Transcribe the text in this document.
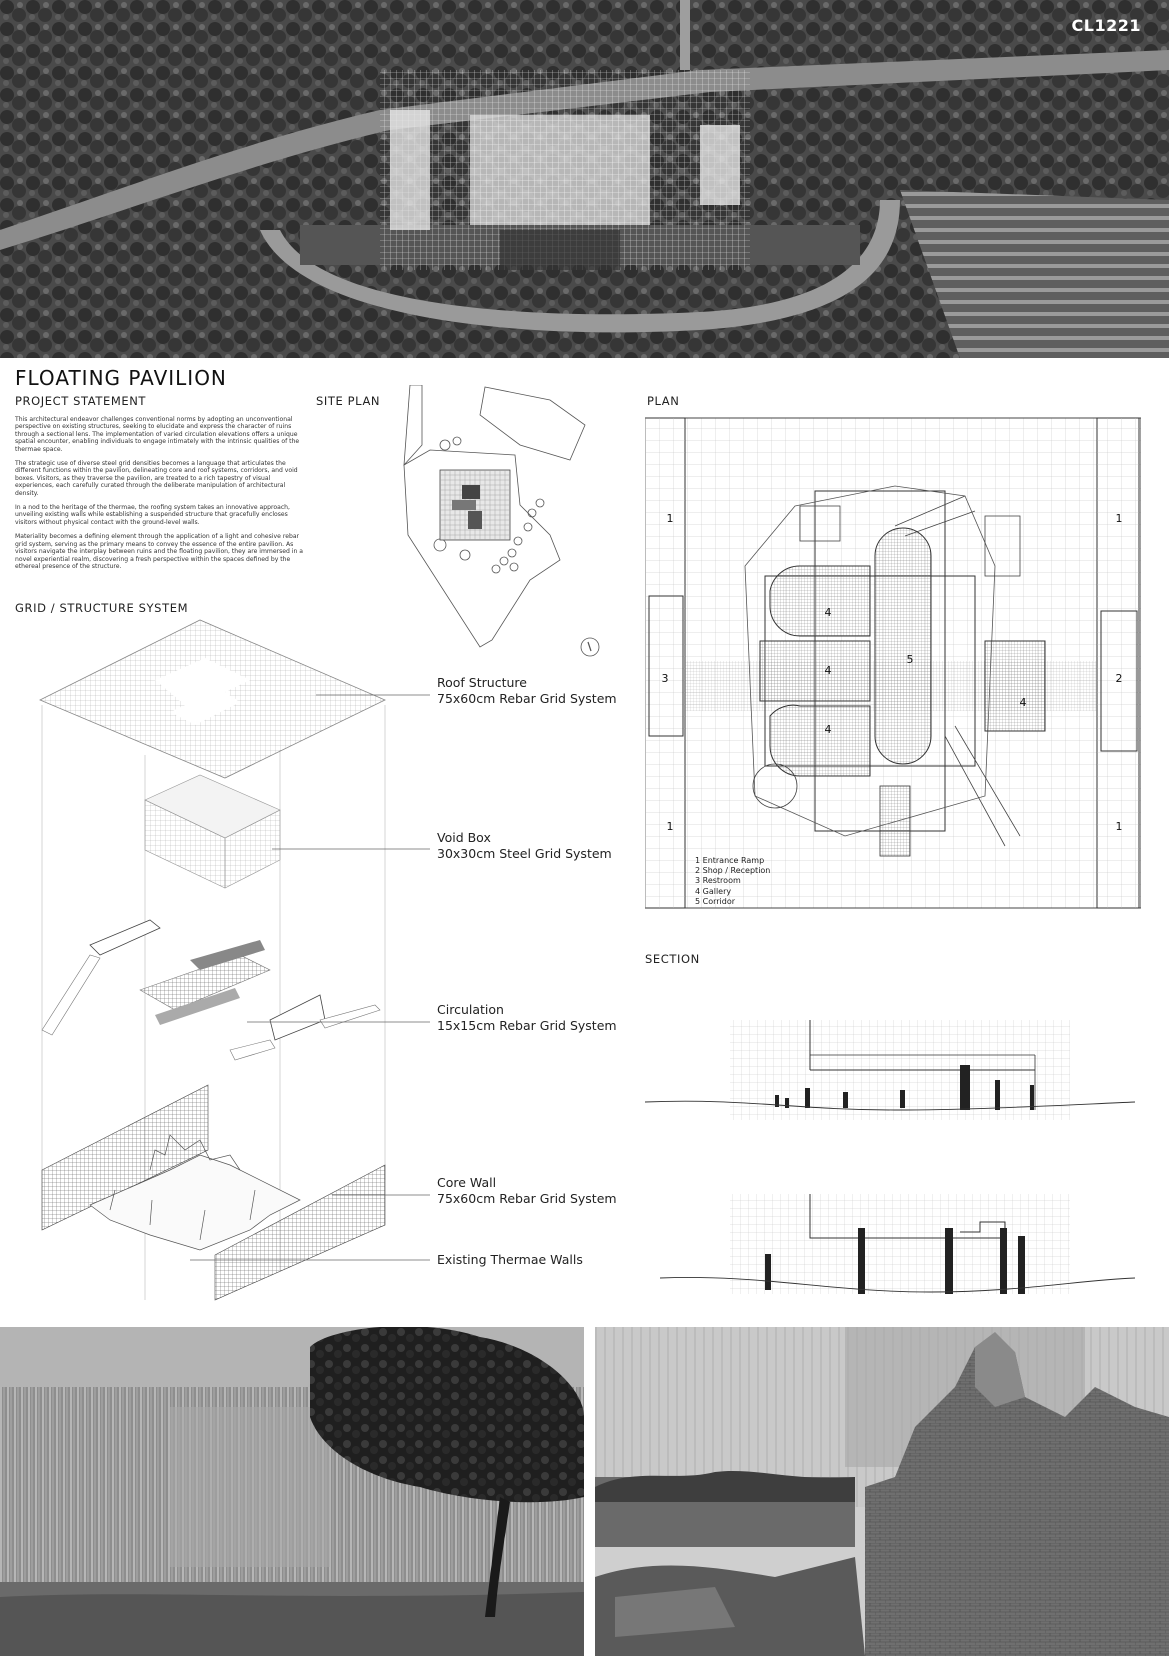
CL1221
FLOATING PAVILION
PROJECT STATEMENT	SITE PLAN	PLAN
GRID / STRUCTURE SYSTEM
SECTION

This architectural endeavor challenges conventional norms by adopting an unconventional perspective on existing structures, seeking to elucidate and express the character of ruins through a sectional lens. The implementation of varied circulation elevations offers a unique spatial encounter, enabling individuals to engage intimately with the intrinsic qualities of the thermae space.

The strategic use of diverse steel grid densities becomes a language that articulates the different functions within the pavilion, delineating core and roof systems, corridors, and void boxes. Visitors, as they traverse the pavilion, are treated to a rich tapestry of visual experiences, each carefully curated through the deliberate manipulation of architectural density.

In a nod to the heritage of the thermae, the roofing system takes an innovative approach, unveiling existing walls while establishing a suspended structure that gracefully encloses visitors without physical contact with the ground-level walls.

Materiality becomes a defining element through the application of a light and cohesive rebar grid system, serving as the primary means to convey the essence of the entire pavilion. As visitors navigate the interplay between ruins and the floating pavilion, they are immersed in a novel experiential realm, discovering a fresh perspective within the spaces defined by the ethereal presence of the structure.

1	1
1	1
2
3
4
4
4
4
5
1 Entrance Ramp
2 Shop / Reception
3 Restroom
4 Gallery
5 Corridor
Roof Structure
75x60cm Rebar Grid System
Void Box
30x30cm Steel Grid System
Circulation
15x15cm Rebar Grid System
Core Wall
75x60cm Rebar Grid System
Existing Thermae Walls
